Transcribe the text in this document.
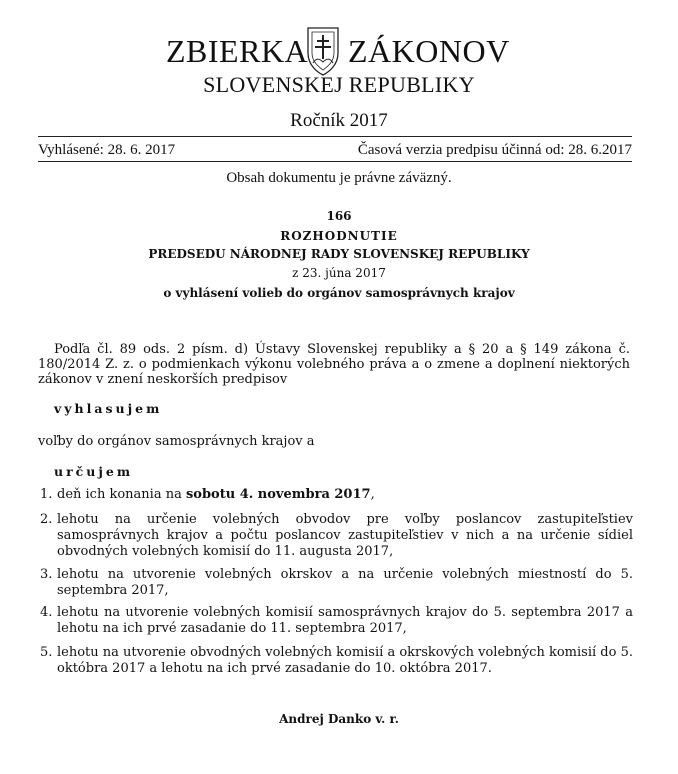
ZBIERKA ZÁKONOV
SLOVENSKEJ REPUBLIKY
Ročník 2017
Vyhlásené: 28. 6. 2017	Časová verzia predpisu účinná od: 28. 6.2017
Obsah dokumentu je právne záväzný.
166
ROZHODNUTIE
PREDSEDU NÁRODNEJ RADY SLOVENSKEJ REPUBLIKY
z 23. júna 2017
o vyhlásení volieb do orgánov samosprávnych krajov
Podľa čl. 89 ods. 2 písm. d) Ústavy Slovenskej republiky a § 20 a § 149 zákona č. 180/2014 Z. z. o podmienkach výkonu volebného práva a o zmene a doplnení niektorých zákonov v znení neskorších predpisov
vyhlasujem
voľby do orgánov samosprávnych krajov a
určujem
1. deň ich konania na sobotu 4. novembra 2017,
2. lehotu na určenie volebných obvodov pre voľby poslancov zastupiteľstiev samosprávnych krajov a počtu poslancov zastupiteľstiev v nich a na určenie sídiel obvodných volebných komisií do 11. augusta 2017,
3. lehotu na utvorenie volebných okrskov a na určenie volebných miestností do 5. septembra 2017,
4. lehotu na utvorenie volebných komisií samosprávnych krajov do 5. septembra 2017 a lehotu na ich prvé zasadanie do 11. septembra 2017,
5. lehotu na utvorenie obvodných volebných komisií a okrskových volebných komisií do 5. októbra 2017 a lehotu na ich prvé zasadanie do 10. októbra 2017.
Andrej Danko v. r.
